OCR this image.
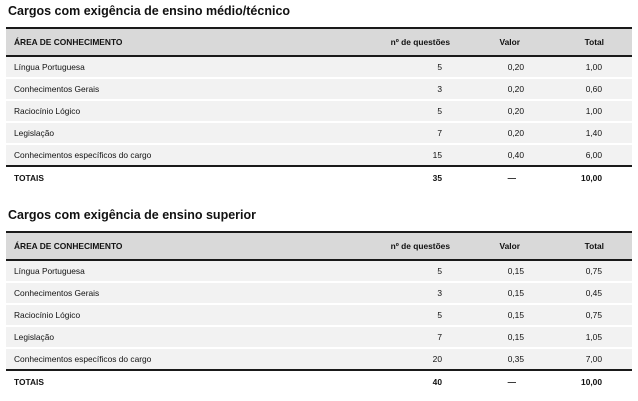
Cargos com exigência de ensino médio/técnico
ÁREA DE CONHECIMENTO	nº de questões	Valor	Total
Língua Portuguesa	5	0,20	1,00
Conhecimentos Gerais	3	0,20	0,60
Raciocínio Lógico	5	0,20	1,00
Legislação	7	0,20	1,40
Conhecimentos específicos do cargo	15	0,40	6,00
TOTAIS	35	—	10,00
Cargos com exigência de ensino superior
ÁREA DE CONHECIMENTO	nº de questões	Valor	Total
Língua Portuguesa	5	0,15	0,75
Conhecimentos Gerais	3	0,15	0,45
Raciocínio Lógico	5	0,15	0,75
Legislação	7	0,15	1,05
Conhecimentos específicos do cargo	20	0,35	7,00
TOTAIS	40	—	10,00
